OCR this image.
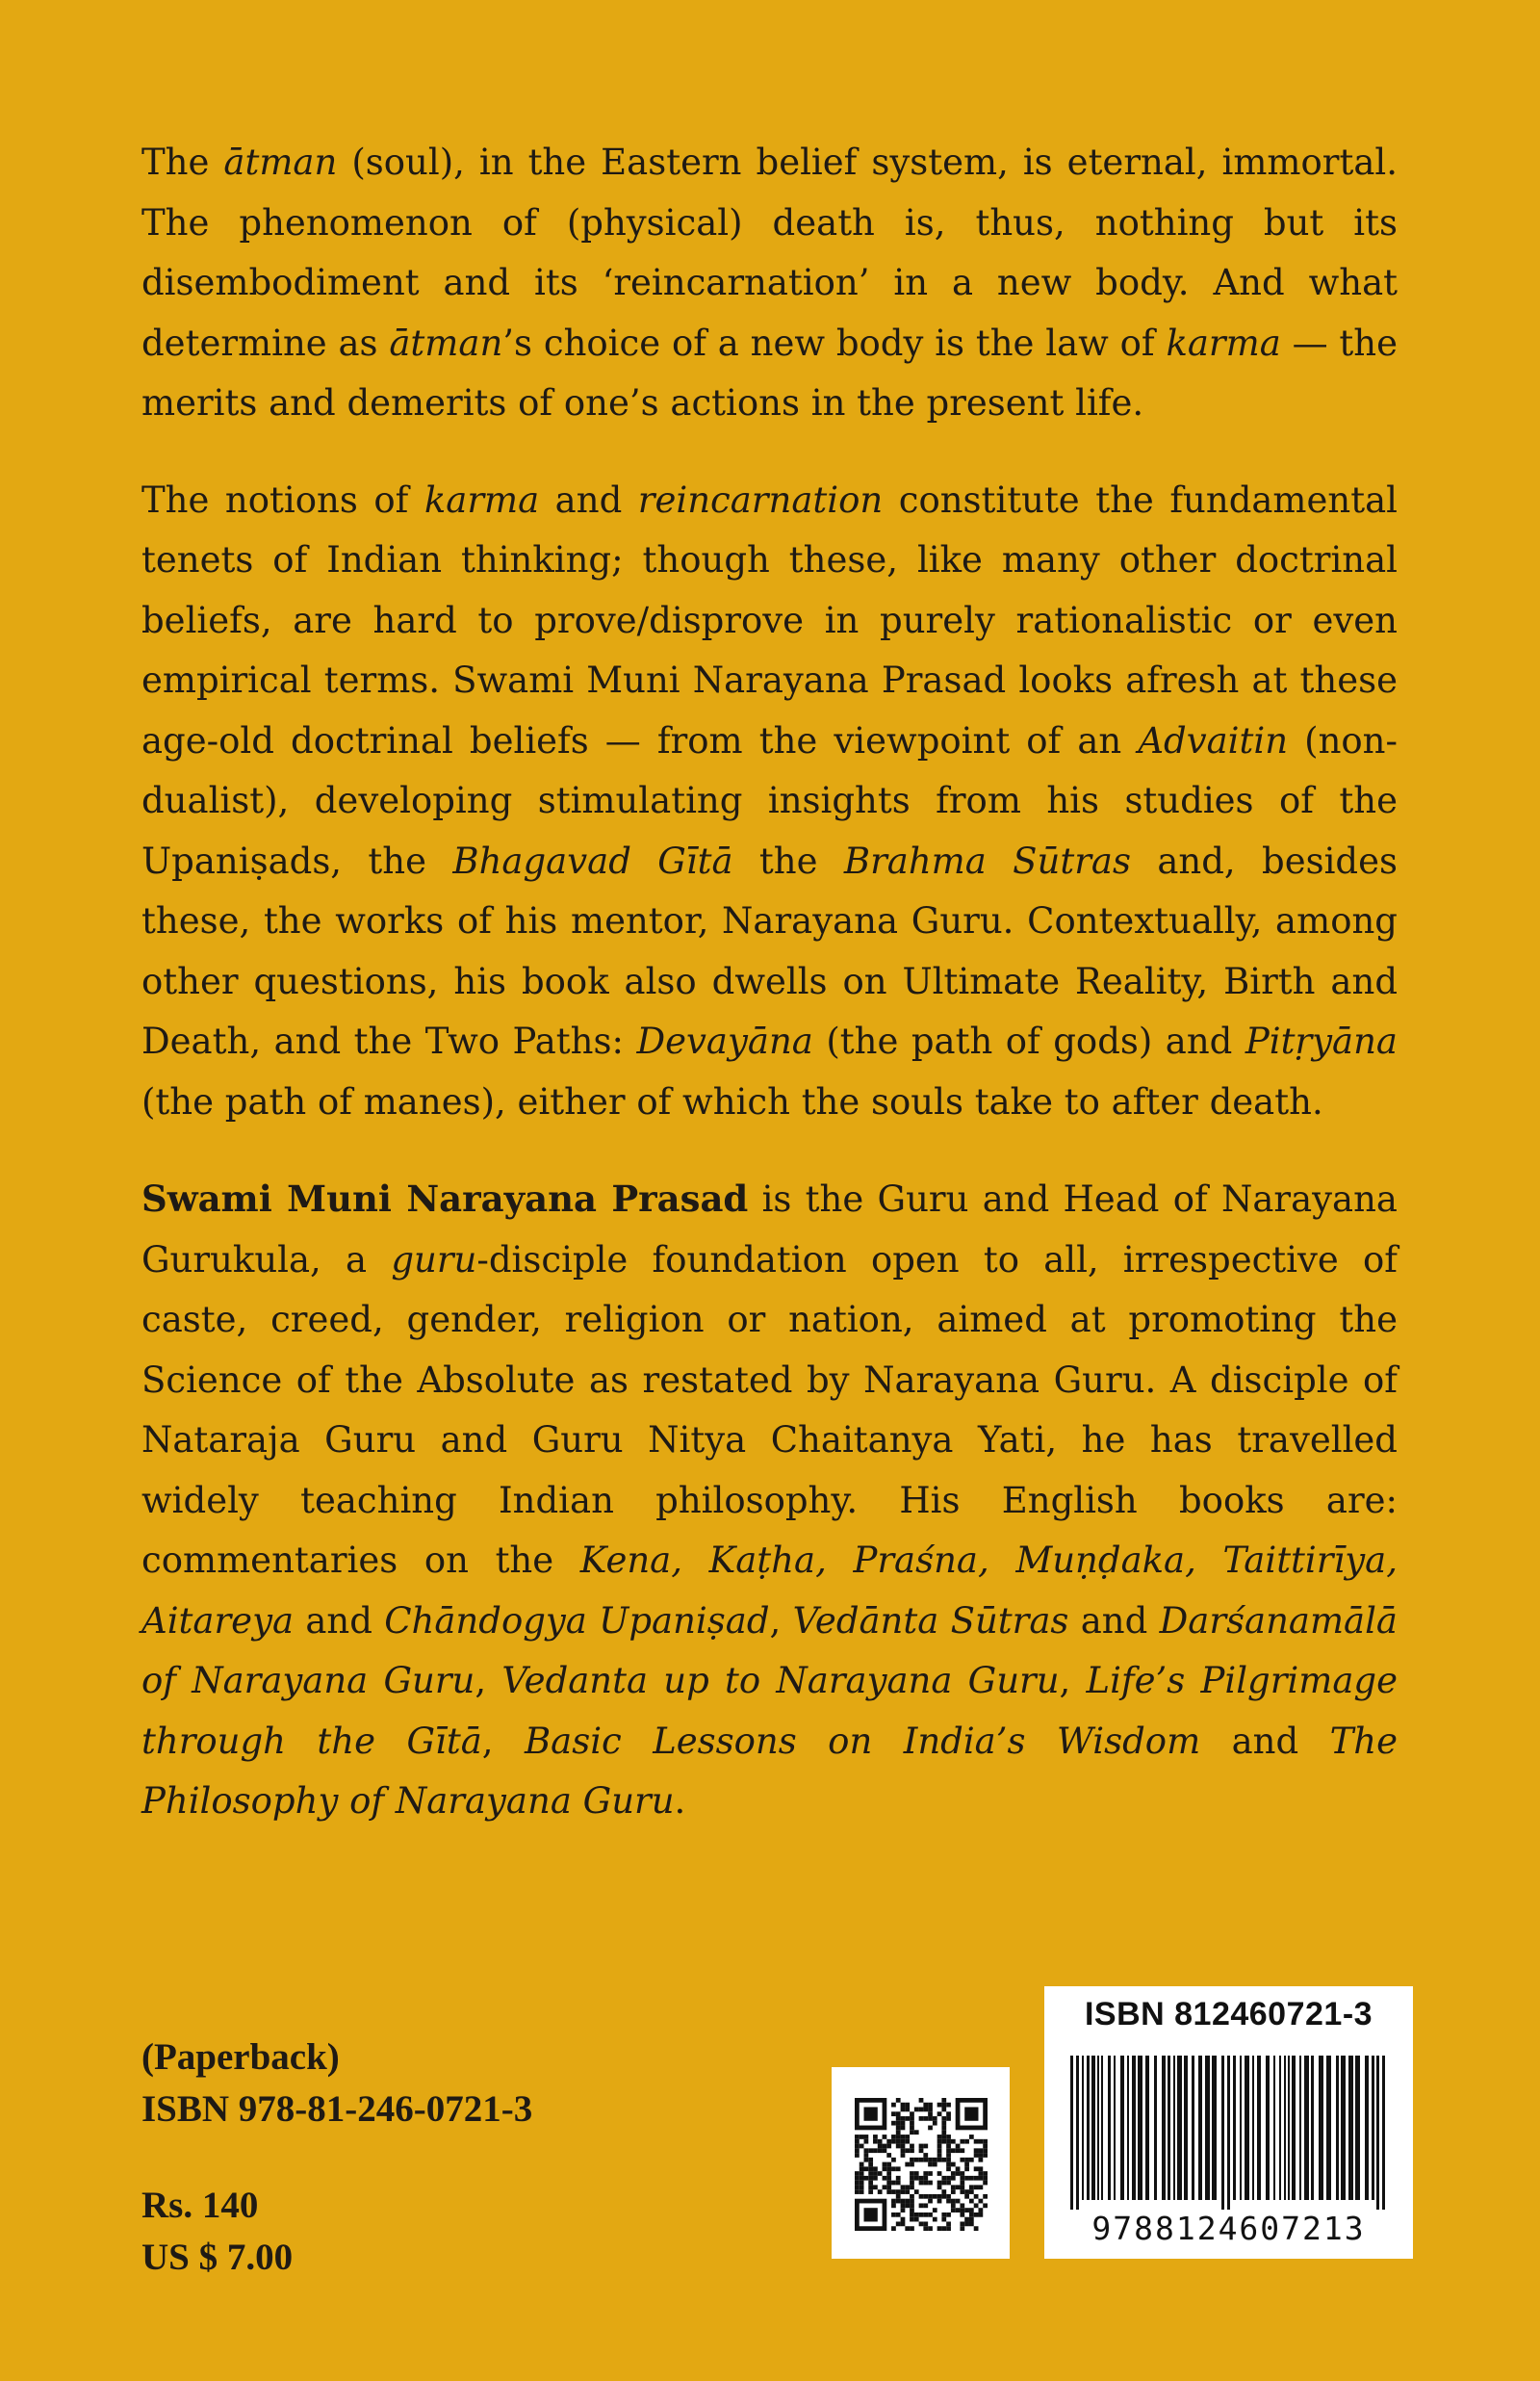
The ātman (soul), in the Eastern belief system, is eternal, immortal. The phenomenon of (physical) death is, thus, nothing but its disembodiment and its ‘reincarnation’ in a new body. And what determine as ātman’s choice of a new body is the law of karma — the merits and demerits of one’s actions in the present life.

The notions of karma and reincarnation constitute the fundamental tenets of Indian thinking; though these, like many other doctrinal beliefs, are hard to prove/disprove in purely rationalistic or even empirical terms. Swami Muni Narayana Prasad looks afresh at these age-old doctrinal beliefs — from the viewpoint of an Advaitin (non-dualist), developing stimulating insights from his studies of the Upaniṣads, the Bhagavad Gītā the Brahma Sūtras and, besides these, the works of his mentor, Narayana Guru. Contextually, among other questions, his book also dwells on Ultimate Reality, Birth and Death, and the Two Paths: Devayāna (the path of gods) and Pitṛyāna (the path of manes), either of which the souls take to after death.

Swami Muni Narayana Prasad is the Guru and Head of Narayana Gurukula, a guru-disciple foundation open to all, irrespective of caste, creed, gender, religion or nation, aimed at promoting the Science of the Absolute as restated by Narayana Guru. A disciple of Nataraja Guru and Guru Nitya Chaitanya Yati, he has travelled widely teaching Indian philosophy. His English books are: commentaries on the Kena, Kaṭha, Praśna, Muṇḍaka, Taittirīya, Aitareya and Chāndogya Upaniṣad, Vedānta Sūtras and Darśanamālā of Narayana Guru, Vedanta up to Narayana Guru, Life’s Pilgrimage through the Gītā, Basic Lessons on India’s Wisdom and The Philosophy of Narayana Guru.

(Paperback)
ISBN 978-81-246-0721-3
Rs. 140
US $ 7.00
ISBN 812460721-3
9788124607213
